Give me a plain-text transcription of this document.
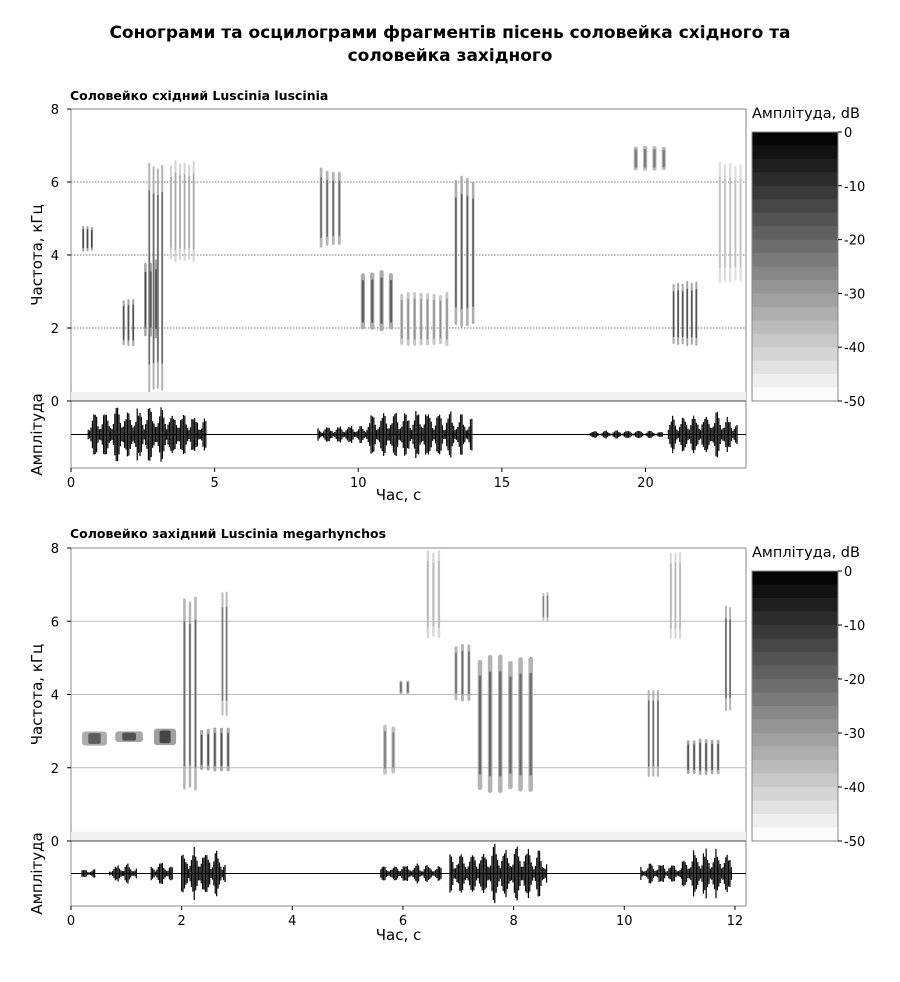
Сонограми та осцилограми фрагментів пісень соловейка східного та
соловейка західного
Соловейко східний Luscinia luscinia
Соловейко західний Luscinia megarhynchos
0
2
4
6
8
0	5	10	15	20
Час, с
Частота, кГц
Амплітуда
Амплітуда, dB
0
-10
-20
-30
-40
-50
0
2
4
6
8
0	2	4	6	8	10	12
Час, с
Частота, кГц
Амплітуда
Амплітуда, dB
0
-10
-20
-30
-40
-50
